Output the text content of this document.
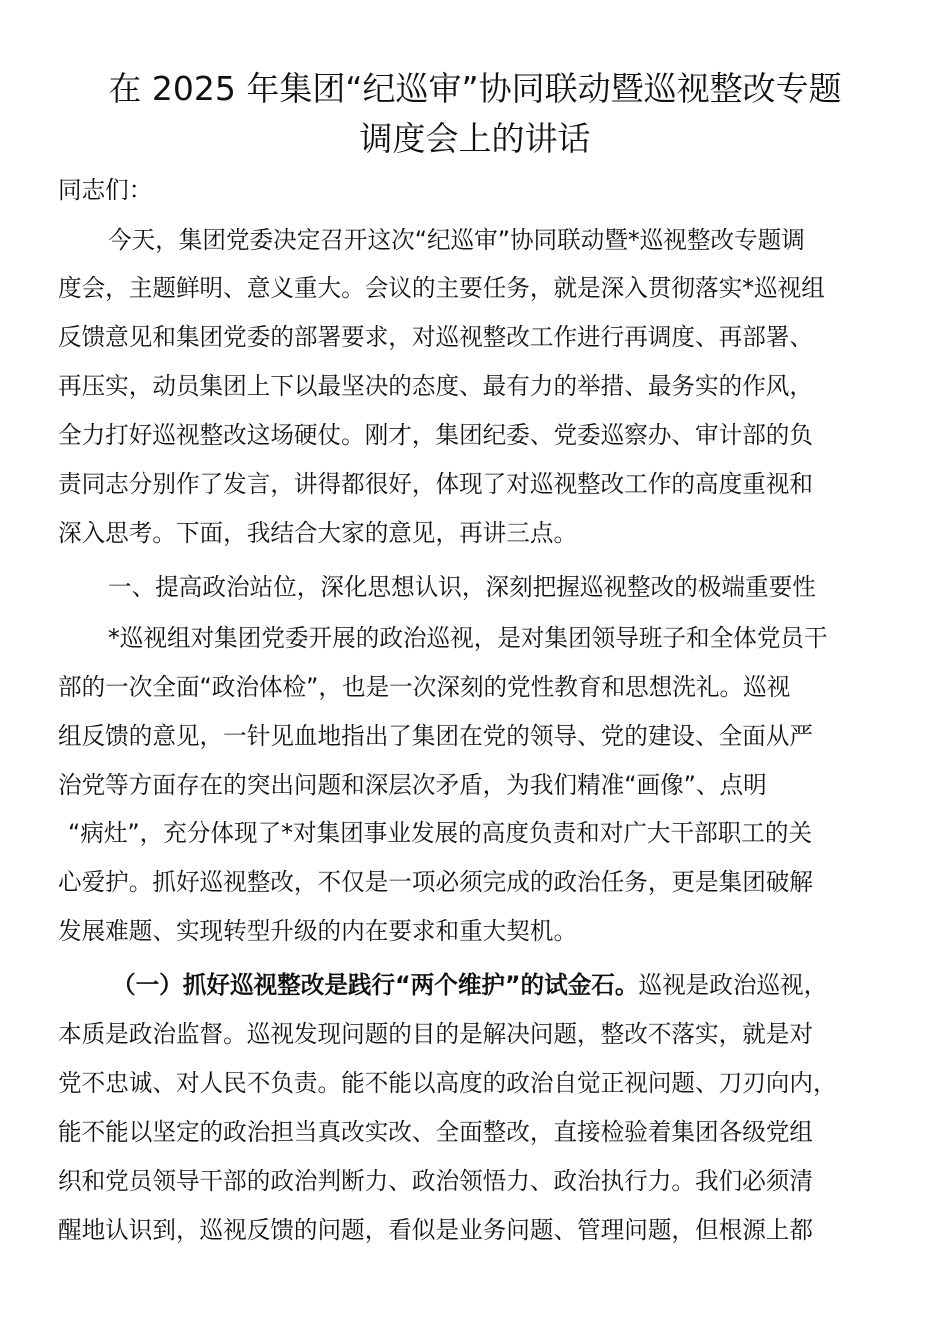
在 2025 年集团“纪巡审”协同联动暨巡视整改专题
调度会上的讲话

同志们：

今天，集团党委决定召开这次“纪巡审”协同联动暨*巡视整改专题调

度会，主题鲜明、意义重大。会议的主要任务，就是深入贯彻落实*巡视组

反馈意见和集团党委的部署要求，对巡视整改工作进行再调度、再部署、

再压实，动员集团上下以最坚决的态度、最有力的举措、最务实的作风，

全力打好巡视整改这场硬仗。刚才，集团纪委、党委巡察办、审计部的负

责同志分别作了发言，讲得都很好，体现了对巡视整改工作的高度重视和

深入思考。下面，我结合大家的意见，再讲三点。

一、提高政治站位，深化思想认识，深刻把握巡视整改的极端重要性

*巡视组对集团党委开展的政治巡视，是对集团领导班子和全体党员干

部的一次全面“政治体检”，也是一次深刻的党性教育和思想洗礼。巡视

组反馈的意见，一针见血地指出了集团在党的领导、党的建设、全面从严

治党等方面存在的突出问题和深层次矛盾，为我们精准“画像”、点明

“病灶”，充分体现了*对集团事业发展的高度负责和对广大干部职工的关

心爱护。抓好巡视整改，不仅是一项必须完成的政治任务，更是集团破解

发展难题、实现转型升级的内在要求和重大契机。

（一）抓好巡视整改是践行“两个维护”的试金石。巡视是政治巡视，

本质是政治监督。巡视发现问题的目的是解决问题，整改不落实，就是对

党不忠诚、对人民不负责。能不能以高度的政治自觉正视问题、刀刃向内，

能不能以坚定的政治担当真改实改、全面整改，直接检验着集团各级党组

织和党员领导干部的政治判断力、政治领悟力、政治执行力。我们必须清

醒地认识到，巡视反馈的问题，看似是业务问题、管理问题，但根源上都
